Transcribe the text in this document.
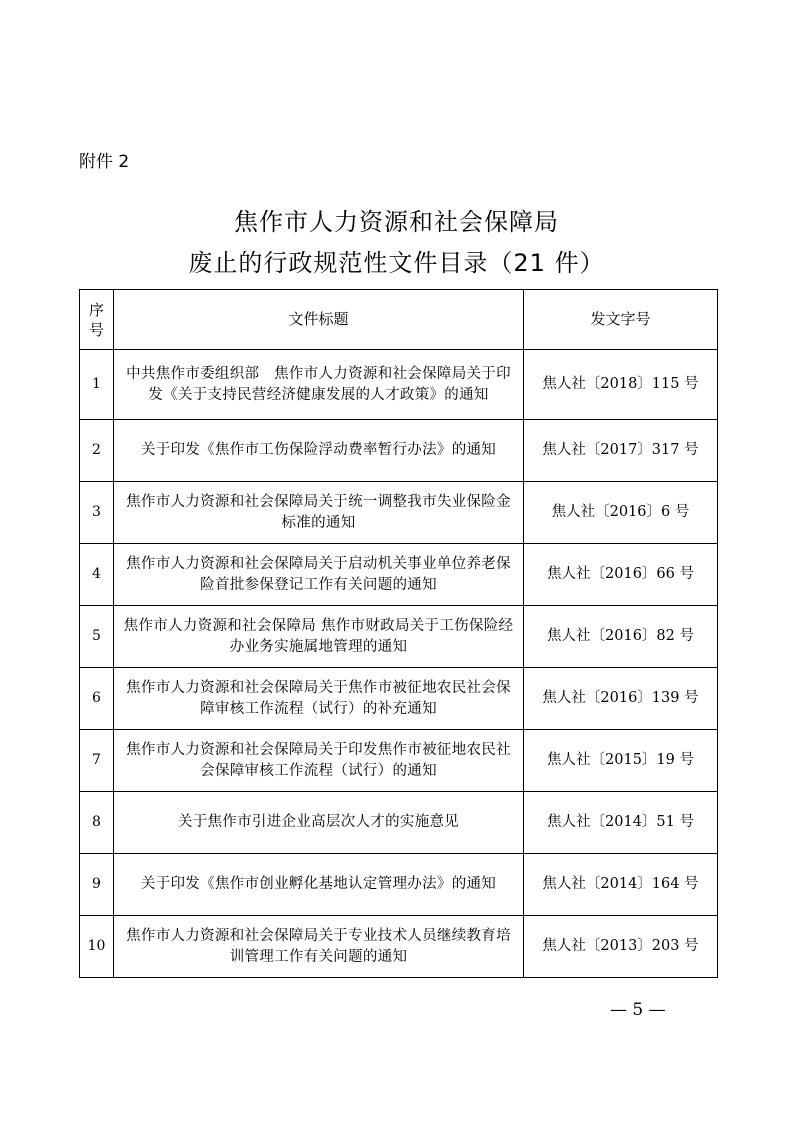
附件 2
焦作市人力资源和社会保障局
废止的行政规范性文件目录（21 件）
序号	文件标题	发文字号
1	中共焦作市委组织部　焦作市人力资源和社会保障局关于印发《关于支持民营经济健康发展的人才政策》的通知	焦人社〔2018〕115 号
2	关于印发《焦作市工伤保险浮动费率暂行办法》的通知	焦人社〔2017〕317 号
3	焦作市人力资源和社会保障局关于统一调整我市失业保险金标准的通知	焦人社〔2016〕6 号
4	焦作市人力资源和社会保障局关于启动机关事业单位养老保险首批参保登记工作有关问题的通知	焦人社〔2016〕66 号
5	焦作市人力资源和社会保障局 焦作市财政局关于工伤保险经办业务实施属地管理的通知	焦人社〔2016〕82 号
6	焦作市人力资源和社会保障局关于焦作市被征地农民社会保障审核工作流程（试行）的补充通知	焦人社〔2016〕139 号
7	焦作市人力资源和社会保障局关于印发焦作市被征地农民社会保障审核工作流程（试行）的通知	焦人社〔2015〕19 号
8	关于焦作市引进企业高层次人才的实施意见	焦人社〔2014〕51 号
9	关于印发《焦作市创业孵化基地认定管理办法》的通知	焦人社〔2014〕164 号
10	焦作市人力资源和社会保障局关于专业技术人员继续教育培训管理工作有关问题的通知	焦人社〔2013〕203 号
— 5 —
